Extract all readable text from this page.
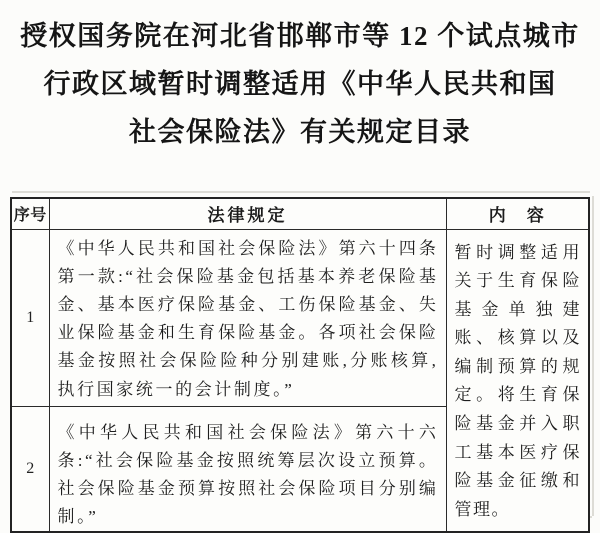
授权国务院在河北省邯郸市等 12 个试点城市
行政区域暂时调整适用《中华人民共和国
社会保险法》有关规定目录
序号	法律规定	内　容
1	《中华人民共和国社会保险法》第六十四条第一款:“社会保险基金包括基本养老保险基金、基本医疗保险基金、工伤保险基金、失业保险基金和生育保险基金。各项社会保险基金按照社会保险险种分别建账,分账核算,执行国家统一的会计制度。”	暂时调整适用关于生育保险基金单独建账、核算以及编制预算的规定。将生育保险基金并入职工基本医疗保险基金征缴和管理。
2	《中华人民共和国社会保险法》第六十六条:“社会保险基金按照统筹层次设立预算。社会保险基金预算按照社会保险项目分别编制。”	
